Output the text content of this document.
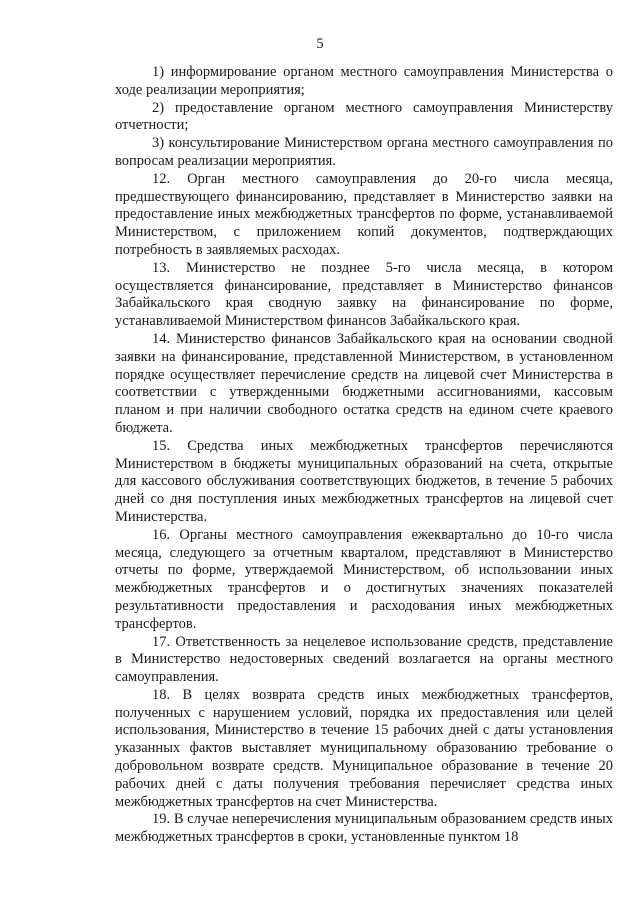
5

1) информирование органом местного самоуправления Министерства о ходе реализации мероприятия;

2) предоставление органом местного самоуправления Министерству отчетности;

3) консультирование Министерством органа местного самоуправления по вопросам реализации мероприятия.

12. Орган местного самоуправления до 20-го числа месяца, предшествующего финансированию, представляет в Министерство заявки на предоставление иных межбюджетных трансфертов по форме, устанавливаемой Министерством, с приложением копий документов, подтверждающих потребность в заявляемых расходах.

13. Министерство не позднее 5-го числа месяца, в котором осуществляется финансирование, представляет в Министерство финансов Забайкальского края сводную заявку на финансирование по форме, устанавливаемой Министерством финансов Забайкальского края.

14. Министерство финансов Забайкальского края на основании сводной заявки на финансирование, представленной Министерством, в установленном порядке осуществляет перечисление средств на лицевой счет Министерства в соответствии с утвержденными бюджетными ассигнованиями, кассовым планом и при наличии свободного остатка средств на едином счете краевого бюджета.

15. Средства иных межбюджетных трансфертов перечисляются Министерством в бюджеты муниципальных образований на счета, открытые для кассового обслуживания соответствующих бюджетов, в течение 5 рабочих дней со дня поступления иных межбюджетных трансфертов на лицевой счет Министерства.

16. Органы местного самоуправления ежеквартально до 10-го числа месяца, следующего за отчетным кварталом, представляют в Министерство отчеты по форме, утверждаемой Министерством, об использовании иных межбюджетных трансфертов и о достигнутых значениях показателей результативности предоставления и расходования иных межбюджетных трансфертов.

17. Ответственность за нецелевое использование средств, представление в Министерство недостоверных сведений возлагается на органы местного самоуправления.

18. В целях возврата средств иных межбюджетных трансфертов, полученных с нарушением условий, порядка их предоставления или целей использования, Министерство в течение 15 рабочих дней с даты установления указанных фактов выставляет муниципальному образованию требование о добровольном возврате средств. Муниципальное образование в течение 20 рабочих дней с даты получения требования перечисляет средства иных межбюджетных трансфертов на счет Министерства.

19. В случае неперечисления муниципальным образованием средств иных межбюджетных трансфертов в сроки, установленные пунктом 18
